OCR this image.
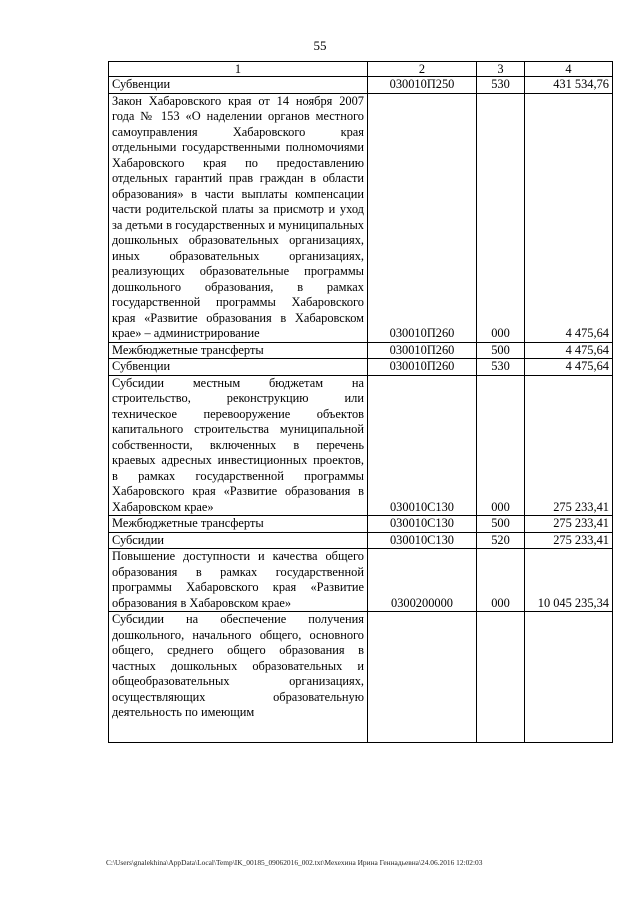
55
1	2	3	4
Субвенции	030010П250	530	431 534,76
Закон Хабаровского края от 14 ноября 2007 года № 153 «О наделении органов местного самоуправления Хабаровского края отдельными государственными полномочиями Хабаровского края по предоставлению отдельных гарантий прав граждан в области образования» в части выплаты компенсации части родительской платы за присмотр и уход за детьми в государственных и муниципальных дошкольных образовательных организациях, иных образовательных организациях, реализующих образовательные программы дошкольного образования, в рамках государственной программы Хабаровского края «Развитие образования в Хабаровском крае» – администрирование	030010П260	000	4 475,64
Межбюджетные трансферты	030010П260	500	4 475,64
Субвенции	030010П260	530	4 475,64
Субсидии местным бюджетам на строительство, реконструкцию или техническое перевооружение объектов капитального строительства муниципальной собственности, включенных в перечень краевых адресных инвестиционных проектов, в рамках государственной программы Хабаровского края «Развитие образования в Хабаровском крае»	030010С130	000	275 233,41
Межбюджетные трансферты	030010С130	500	275 233,41
Субсидии	030010С130	520	275 233,41
Повышение доступности и качества общего образования в рамках государственной программы Хабаровского края «Развитие образования в Хабаровском крае»	0300200000	000	10 045 235,34

Субсидии на обеспечение получения дошкольного, начального общего, основного общего, среднего общего образования в частных дошкольных образовательных и общеобразовательных организациях, осуществляющих образовательную деятельность по имеющим			

C:\Users\gnalekhina\AppData\Local\Temp\IK_00185_09062016_002.txt\Мехехина Ирина Геннадьевна\24.06.2016 12:02:03
